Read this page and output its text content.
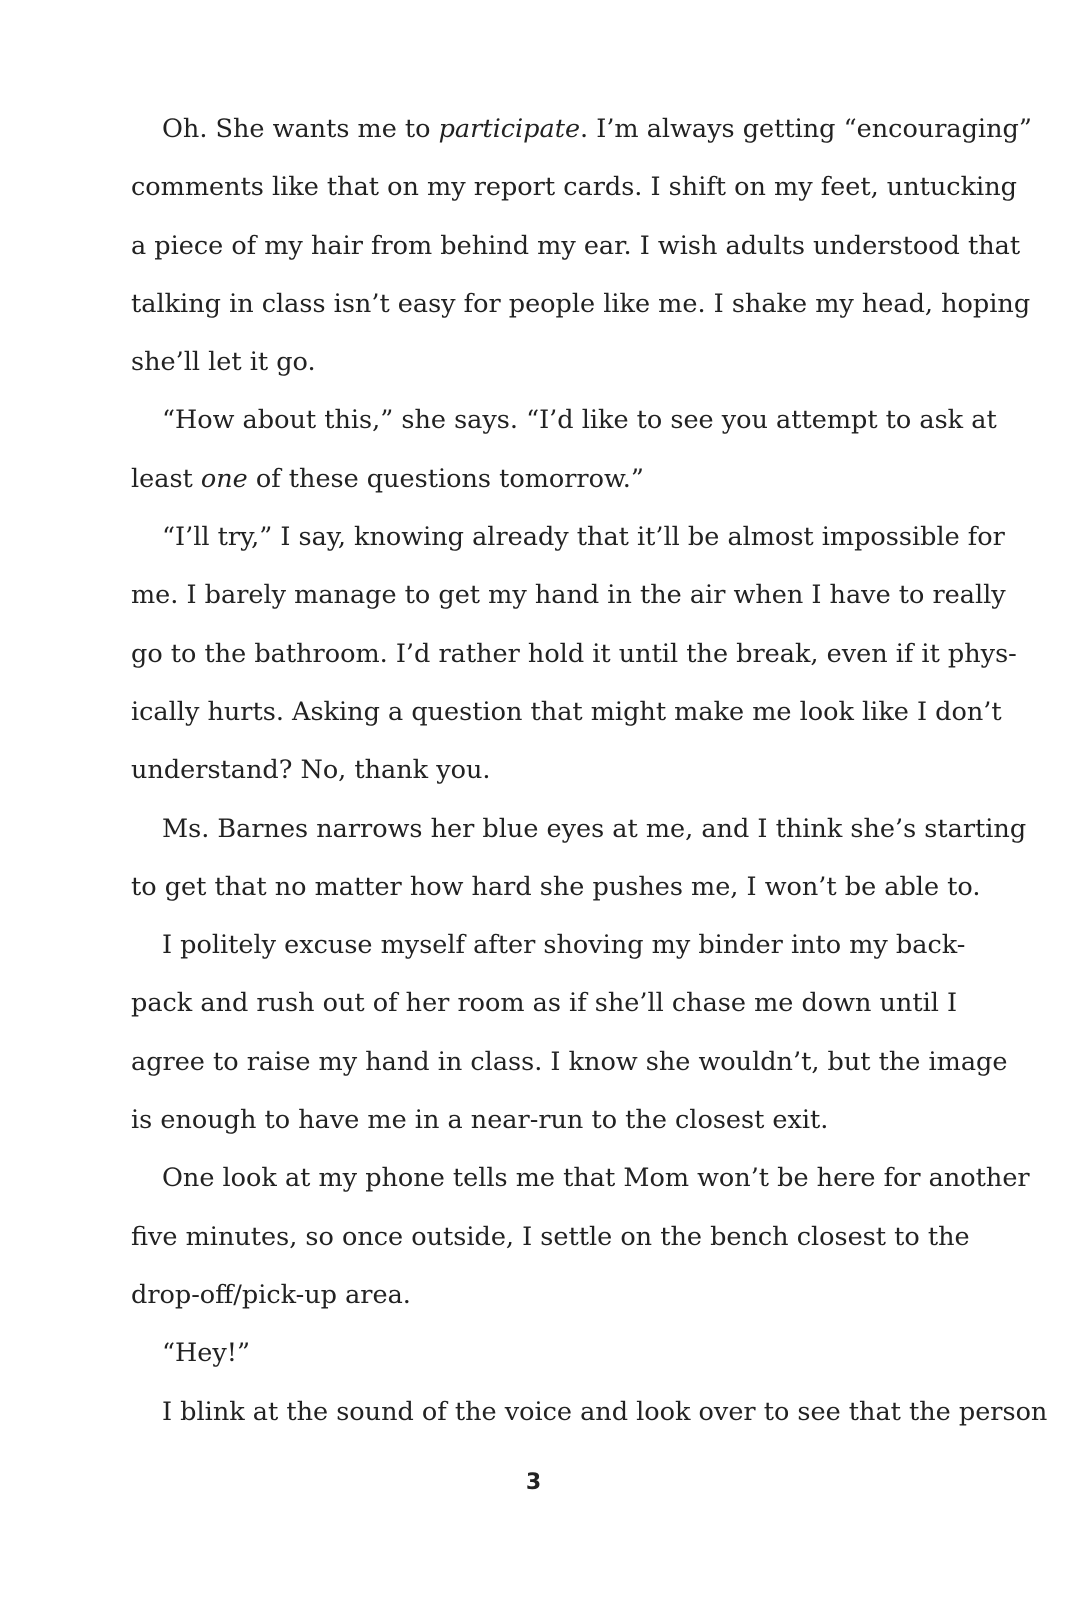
Oh. She wants me to participate. I’m always getting “encouraging”
comments like that on my report cards. I shift on my feet, untucking
a piece of my hair from behind my ear. I wish adults understood that
talking in class isn’t easy for people like me. I shake my head, hoping
she’ll let it go.
“How about this,” she says. “I’d like to see you attempt to ask at
least one of these questions tomorrow.”
“I’ll try,” I say, knowing already that it’ll be almost impossible for
me. I barely manage to get my hand in the air when I have to really
go to the bathroom. I’d rather hold it until the break, even if it phys-
ically hurts. Asking a question that might make me look like I don’t
understand? No, thank you.
Ms. Barnes narrows her blue eyes at me, and I think she’s starting
to get that no matter how hard she pushes me, I won’t be able to.
I politely excuse myself after shoving my binder into my back-
pack and rush out of her room as if she’ll chase me down until I
agree to raise my hand in class. I know she wouldn’t, but the image
is enough to have me in a near-run to the closest exit.
One look at my phone tells me that Mom won’t be here for another
five minutes, so once outside, I settle on the bench closest to the
drop-off/pick-up area.
“Hey!”
I blink at the sound of the voice and look over to see that the person
3
